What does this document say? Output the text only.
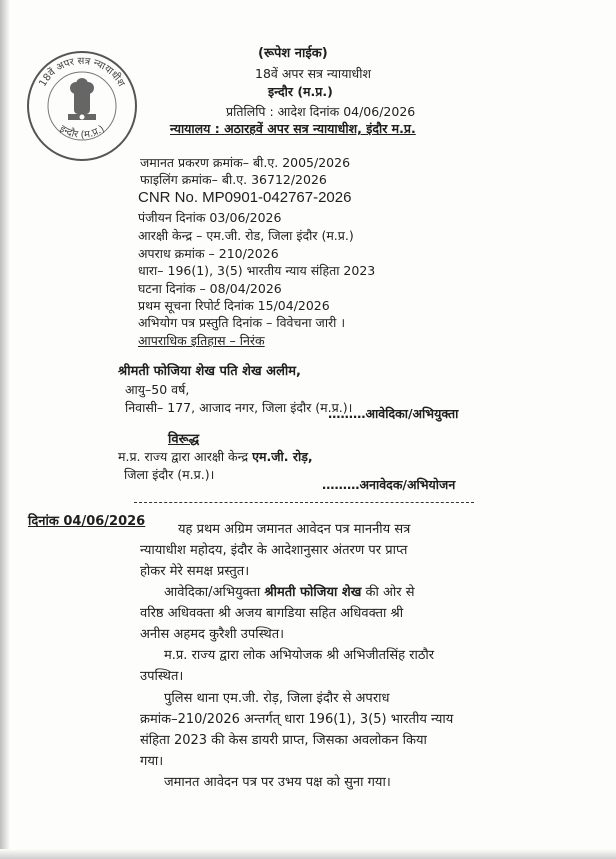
18वें अपर सत्र न्यायाधीश
इन्दौर (म.प्र.)
(रूपेश नाईक)
18वें अपर सत्र न्यायाधीश
इन्दौर (म.प्र.)
प्रतिलिपि : आदेश दिनांक 04/06/2026
न्यायालय : अठारहवें अपर सत्र न्यायाधीश, इंदौर म.प्र.
जमानत प्रकरण क्रमांक– बी.ए. 2005/2026
फाइलिंग क्रमांक– बी.ए. 36712/2026
CNR No. MP0901-042767-2026
पंजीयन दिनांक 03/06/2026
आरक्षी केन्द्र – एम.जी. रोड, जिला इंदौर (म.प्र.)
अपराध क्रमांक – 210/2026
धारा– 196(1), 3(5) भारतीय न्याय संहिता 2023
घटना दिनांक – 08/04/2026
प्रथम सूचना रिपोर्ट दिनांक 15/04/2026
अभियोग पत्र प्रस्तुति दिनांक – विवेचना जारी ।
आपराधिक इतिहास – निरंक
श्रीमती फोजिया शेख पति शेख अलीम,
आयु–50 वर्ष,
निवासी– 177, आजाद नगर, जिला इंदौर (म.प्र.)।
………आवेदिका/अभियुक्ता
विरूद्ध
म.प्र. राज्य द्वारा आरक्षी केन्द्र एम.जी. रोड़,
जिला इंदौर (म.प्र.)।
………अनावेदक/अभियोजन
दिनांक 04/06/2026
यह प्रथम अग्रिम जमानत आवेदन पत्र माननीय सत्र
न्यायाधीश महोदय, इंदौर के आदेशानुसार अंतरण पर प्राप्त
होकर मेरे समक्ष प्रस्तुत।
आवेदिका/अभियुक्ता श्रीमती फोजिया शेख की ओर से
वरिष्ठ अधिवक्ता श्री अजय बागडिया सहित अधिवक्ता श्री
अनीस अहमद कुरैशी उपस्थित।
म.प्र. राज्य द्वारा लोक अभियोजक श्री अभिजीतसिंह राठौर
उपस्थित।
पुलिस थाना एम.जी. रोड़, जिला इंदौर से अपराध
क्रमांक–210/2026 अन्तर्गत् धारा 196(1), 3(5) भारतीय न्याय
संहिता 2023 की केस डायरी प्राप्त, जिसका अवलोकन किया
गया।
जमानत आवेदन पत्र पर उभय पक्ष को सुना गया।
